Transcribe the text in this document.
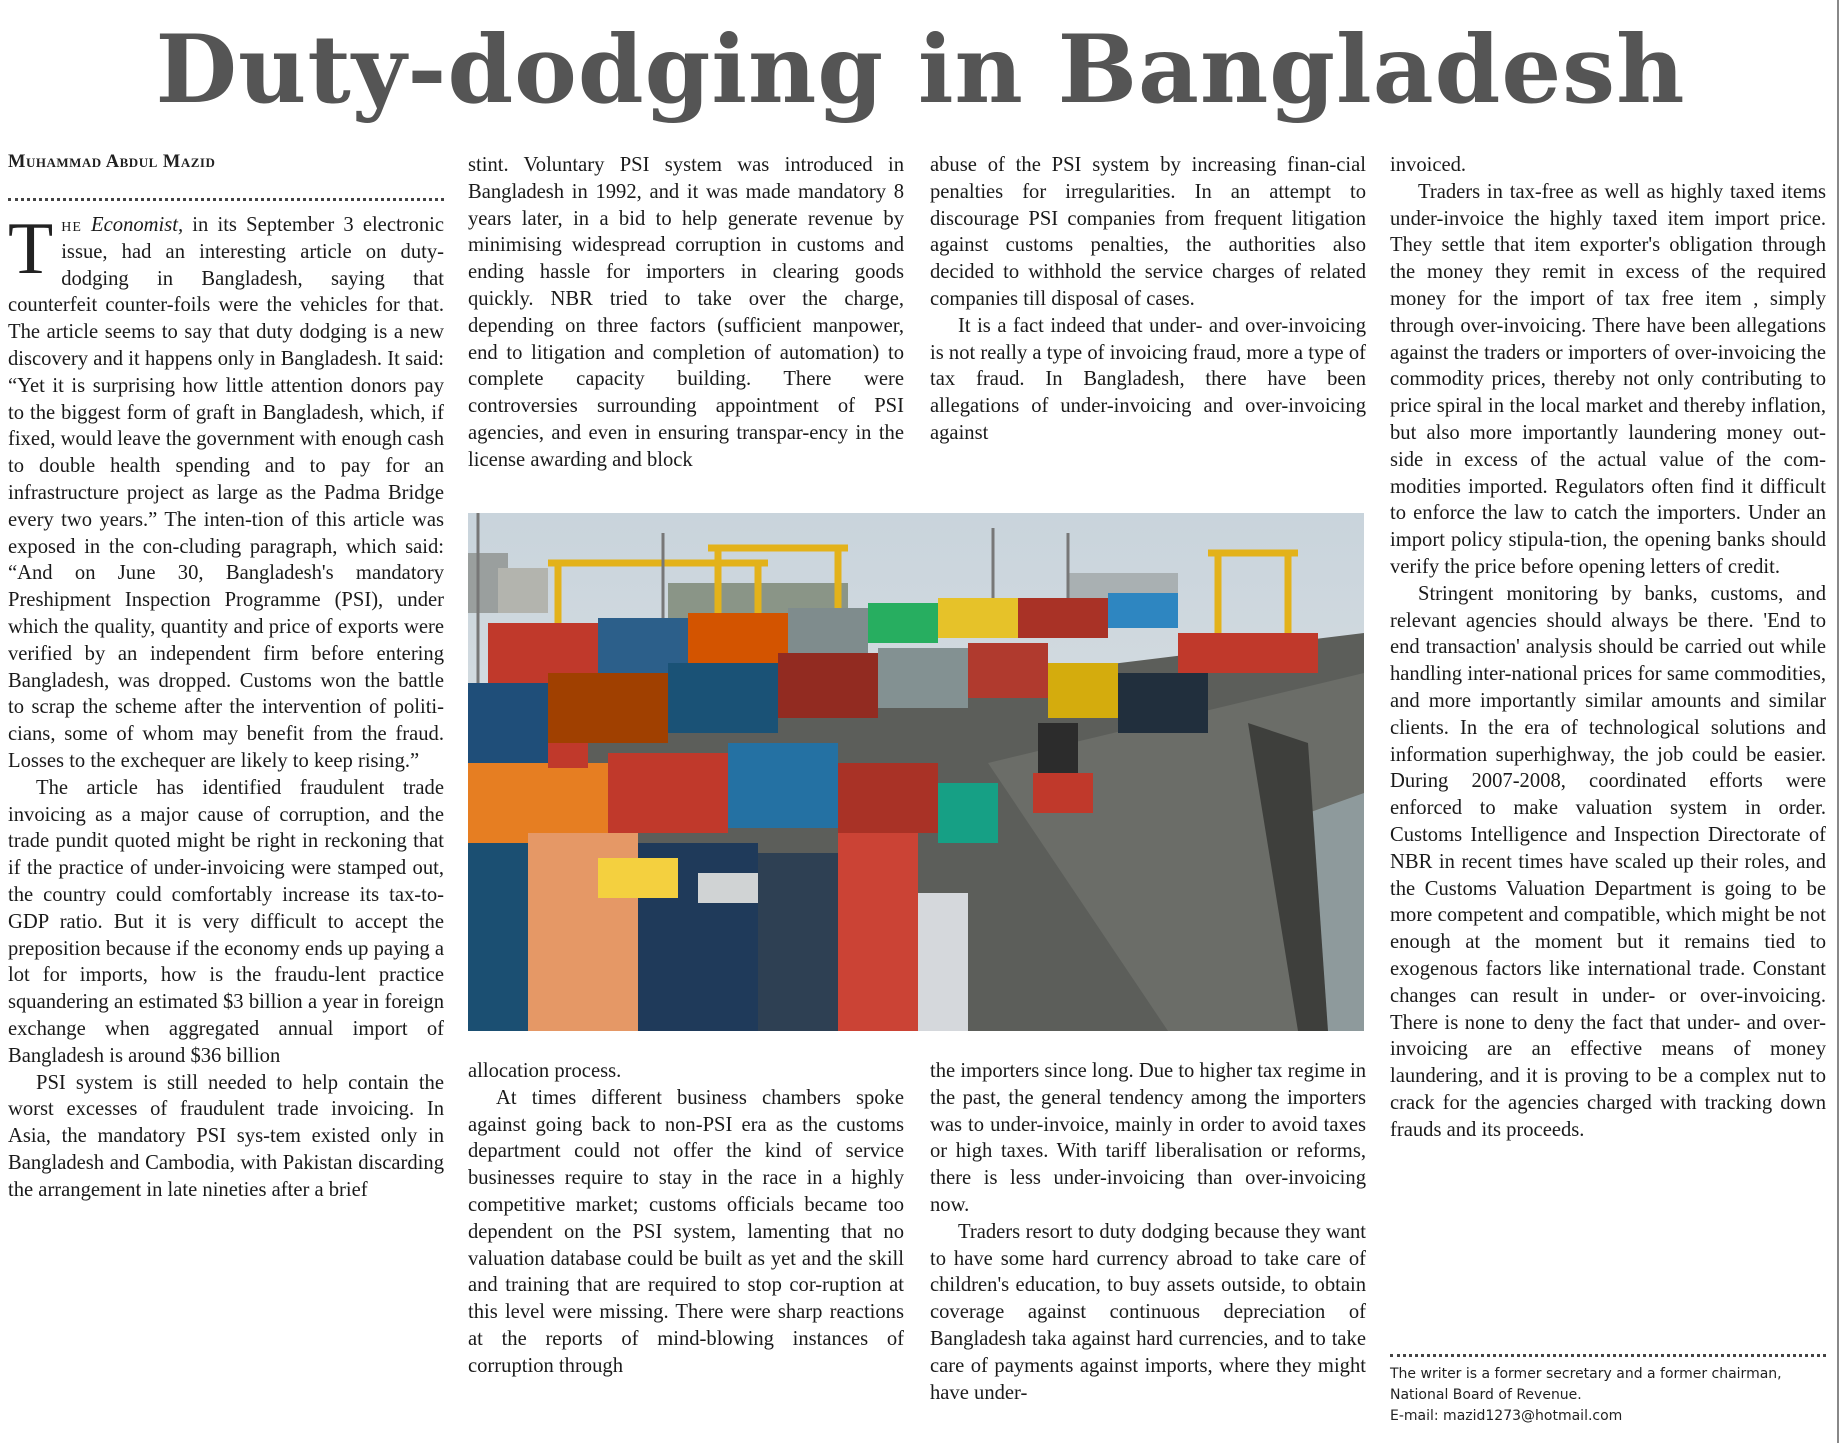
Duty-dodging in Bangladesh
Muhammad Abdul Mazid

The Economist, in its September 3 electronic issue, had an interesting article on duty-dodging in Bangladesh, saying that counterfeit counter-foils were the vehicles for that. The article seems to say that duty dodging is a new discovery and it happens only in Bangladesh. It said: “Yet it is surprising how little attention donors pay to the biggest form of graft in Bangladesh, which, if fixed, would leave the government with enough cash to double health spending and to pay for an infrastructure project as large as the Padma Bridge every two years.” The inten-tion of this article was exposed in the con-cluding paragraph, which said: “And on June 30, Bangladesh's mandatory Preshipment Inspection Programme (PSI), under which the quality, quantity and price of exports were verified by an independent firm before entering Bangladesh, was dropped. Customs won the battle to scrap the scheme after the intervention of politi-cians, some of whom may benefit from the fraud. Losses to the exchequer are likely to keep rising.”

The article has identified fraudulent trade invoicing as a major cause of corruption, and the trade pundit quoted might be right in reckoning that if the practice of under-invoicing were stamped out, the country could comfortably increase its tax-to-GDP ratio. But it is very difficult to accept the preposition because if the economy ends up paying a lot for imports, how is the fraudu-lent practice squandering an estimated $3 billion a year in foreign exchange when aggregated annual import of Bangladesh is around $36 billion

PSI system is still needed to help contain the worst excesses of fraudulent trade invoicing. In Asia, the mandatory PSI sys-tem existed only in Bangladesh and Cambodia, with Pakistan discarding the arrangement in late nineties after a brief

stint. Voluntary PSI system was introduced in Bangladesh in 1992, and it was made mandatory 8 years later, in a bid to help generate revenue by minimising widespread corruption in customs and ending hassle for importers in clearing goods quickly. NBR tried to take over the charge, depending on three factors (sufficient manpower, end to litigation and completion of automation) to complete capacity building. There were controversies surrounding appointment of PSI agencies, and even in ensuring transpar-ency in the license awarding and block

abuse of the PSI system by increasing finan-cial penalties for irregularities. In an attempt to discourage PSI companies from frequent litigation against customs penalties, the authorities also decided to withhold the service charges of related companies till disposal of cases.

It is a fact indeed that under- and over-invoicing is not really a type of invoicing fraud, more a type of tax fraud. In Bangladesh, there have been allegations of under-invoicing and over-invoicing against

allocation process.

At times different business chambers spoke against going back to non-PSI era as the customs department could not offer the kind of service businesses require to stay in the race in a highly competitive market; customs officials became too dependent on the PSI system, lamenting that no valuation database could be built as yet and the skill and training that are required to stop cor-ruption at this level were missing. There were sharp reactions at the reports of mind-blowing instances of corruption through

the importers since long. Due to higher tax regime in the past, the general tendency among the importers was to under-invoice, mainly in order to avoid taxes or high taxes. With tariff liberalisation or reforms, there is less under-invoicing than over-invoicing now.

Traders resort to duty dodging because they want to have some hard currency abroad to take care of children's education, to buy assets outside, to obtain coverage against continuous depreciation of Bangladesh taka against hard currencies, and to take care of payments against imports, where they might have under-

invoiced.

Traders in tax-free as well as highly taxed items under-invoice the highly taxed item import price. They settle that item exporter's obligation through the money they remit in excess of the required money for the import of tax free item , simply through over-invoicing. There have been allegations against the traders or importers of over-invoicing the commodity prices, thereby not only contributing to price spiral in the local market and thereby inflation, but also more importantly laundering money out-side in excess of the actual value of the com-modities imported. Regulators often find it difficult to enforce the law to catch the importers. Under an import policy stipula-tion, the opening banks should verify the price before opening letters of credit.

Stringent monitoring by banks, customs, and relevant agencies should always be there. 'End to end transaction' analysis should be carried out while handling inter-national prices for same commodities, and more importantly similar amounts and similar clients. In the era of technological solutions and information superhighway, the job could be easier. During 2007-2008, coordinated efforts were enforced to make valuation system in order. Customs Intelligence and Inspection Directorate of NBR in recent times have scaled up their roles, and the Customs Valuation Department is going to be more competent and compatible, which might be not enough at the moment but it remains tied to exogenous factors like international trade. Constant changes can result in under- or over-invoicing. There is none to deny the fact that under- and over-invoicing are an effective means of money laundering, and it is proving to be a complex nut to crack for the agencies charged with tracking down frauds and its proceeds.

The writer is a former secretary and a former chairman,
National Board of Revenue.
E-mail: mazid1273@hotmail.com
